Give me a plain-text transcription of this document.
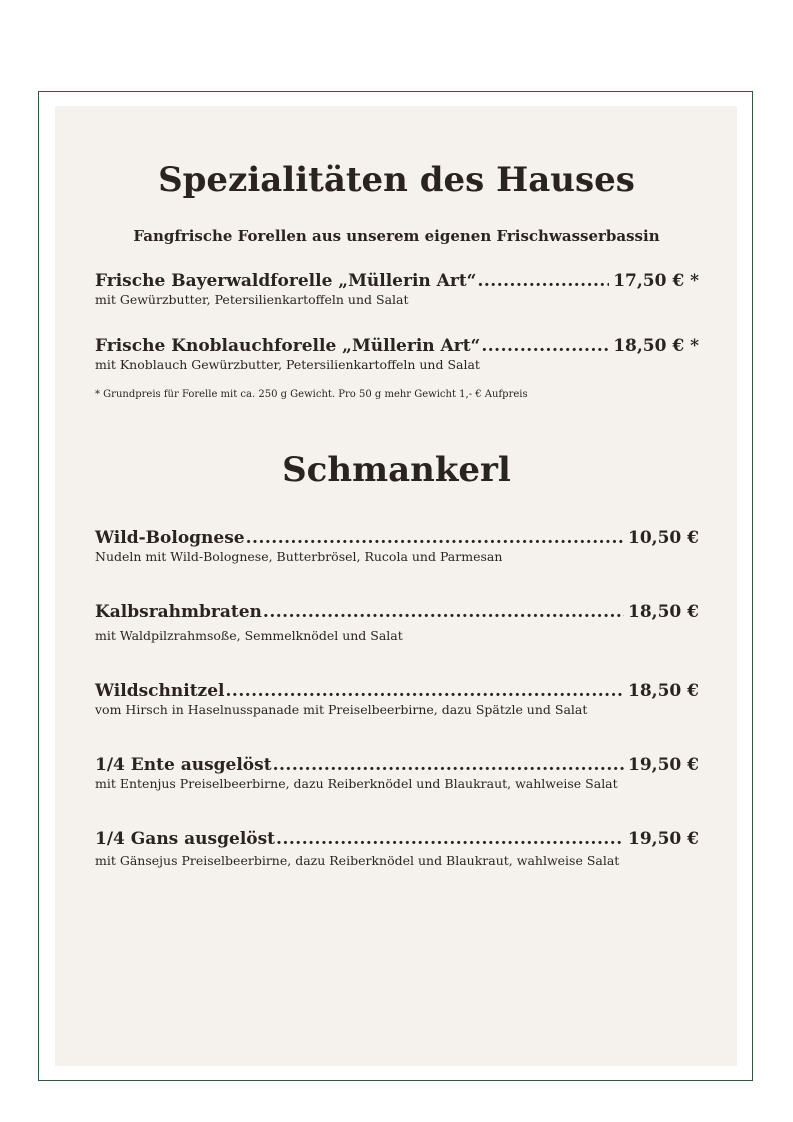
Spezialitäten des Hauses
Fangfrische Forellen aus unserem eigenen Frischwasserbassin
Frische Bayerwaldforelle „Müllerin Art“ .....	17,50 € *
mit Gewürzbutter, Petersilienkartoffeln und Salat
Frische Knoblauchforelle „Müllerin Art“ .....	18,50 € *
mit Knoblauch Gewürzbutter, Petersilienkartoffeln und Salat
* Grundpreis für Forelle mit ca. 250 g Gewicht. Pro 50 g mehr Gewicht 1,- € Aufpreis
Schmankerl
Wild-Bolognese .....	10,50 €
Nudeln mit Wild-Bolognese, Butterbrösel, Rucola und Parmesan
Kalbsrahmbraten .....	18,50 €
mit Waldpilzrahmsoße, Semmelknödel und Salat
Wildschnitzel .....	18,50 €
vom Hirsch in Haselnusspanade mit Preiselbeerbirne, dazu Spätzle und Salat
1/4 Ente ausgelöst .....	19,50 €
mit Entenjus Preiselbeerbirne, dazu Reiberknödel und Blaukraut, wahlweise Salat
1/4 Gans ausgelöst .....	19,50 €
mit Gänsejus Preiselbeerbirne, dazu Reiberknödel und Blaukraut, wahlweise Salat
